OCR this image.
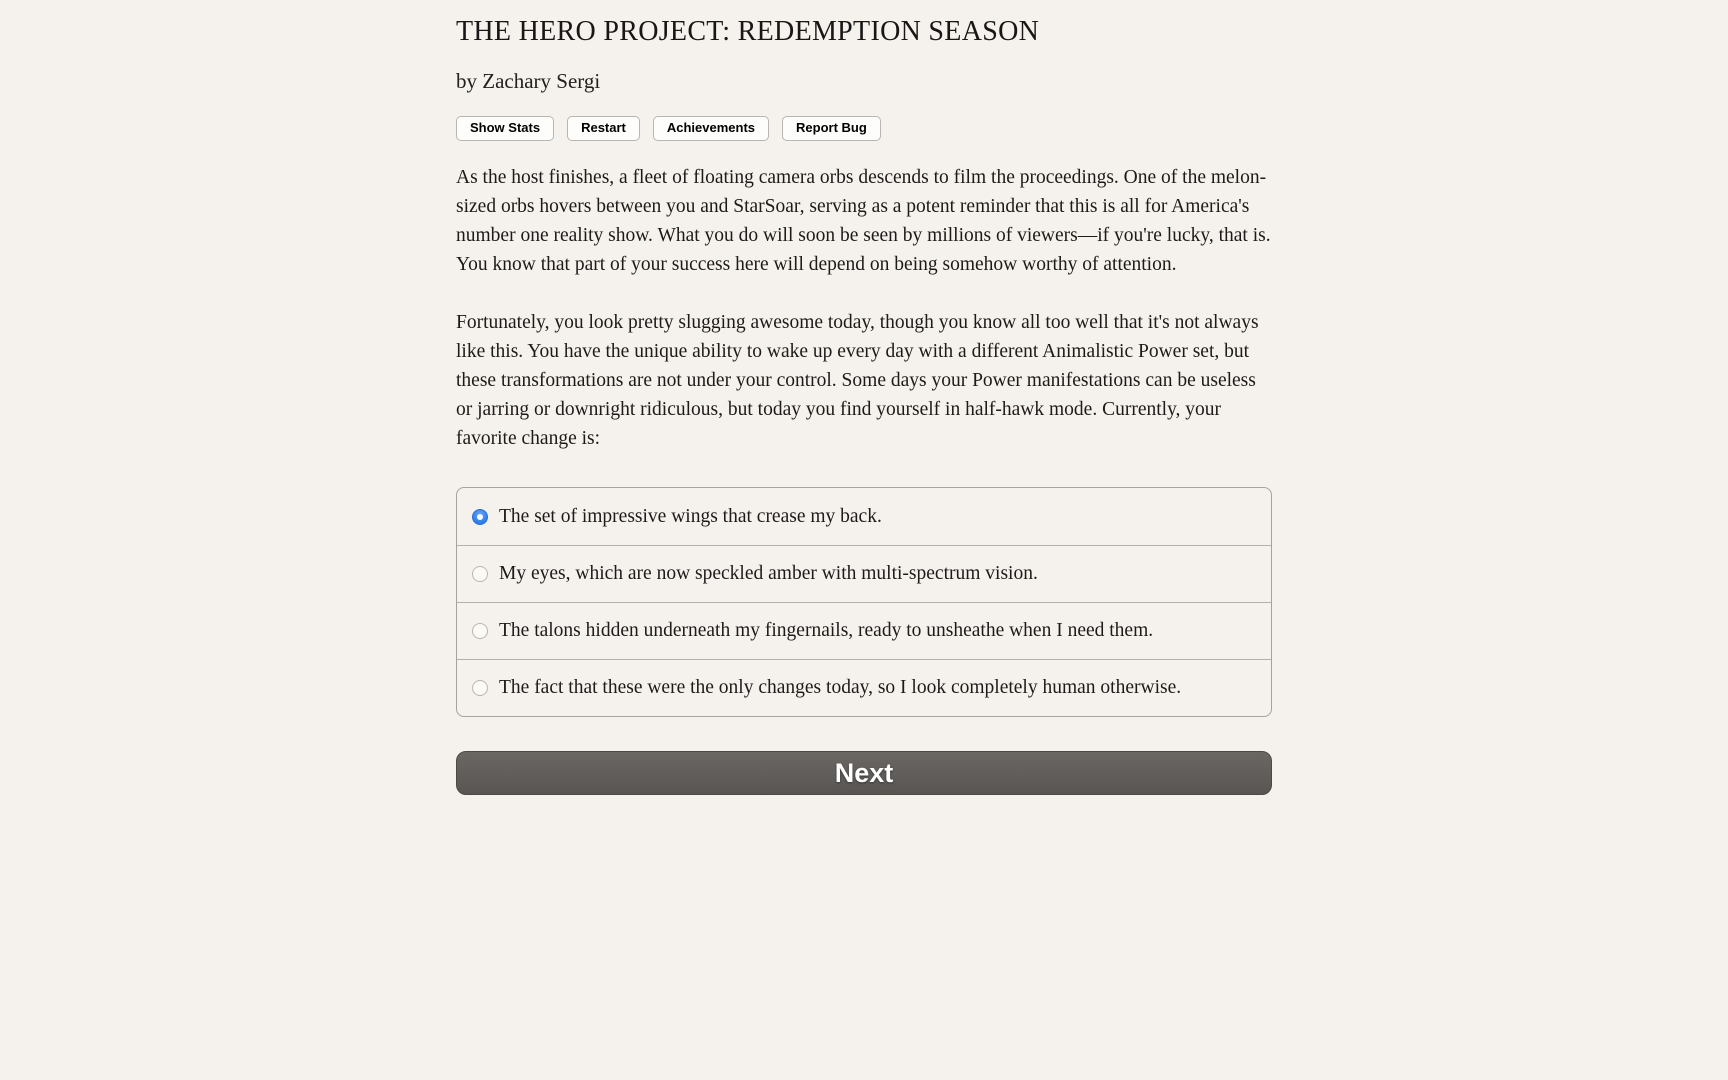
THE HERO PROJECT: REDEMPTION SEASON
by Zachary Sergi
Show Stats	Restart	Achievements	Report Bug

As the host finishes, a fleet of floating camera orbs descends to film the proceedings. One of the melon-sized orbs hovers between you and StarSoar, serving as a potent reminder that this is all for America's number one reality show. What you do will soon be seen by millions of viewers—if you're lucky, that is. You know that part of your success here will depend on being somehow worthy of attention.

Fortunately, you look pretty slugging awesome today, though you know all too well that it's not always like this. You have the unique ability to wake up every day with a different Animalistic Power set, but these transformations are not under your control. Some days your Power manifestations can be useless or jarring or downright ridiculous, but today you find yourself in half-hawk mode. Currently, your favorite change is:

The set of impressive wings that crease my back.
My eyes, which are now speckled amber with multi-spectrum vision.
The talons hidden underneath my fingernails, ready to unsheathe when I need them.
The fact that these were the only changes today, so I look completely human otherwise.
Next
